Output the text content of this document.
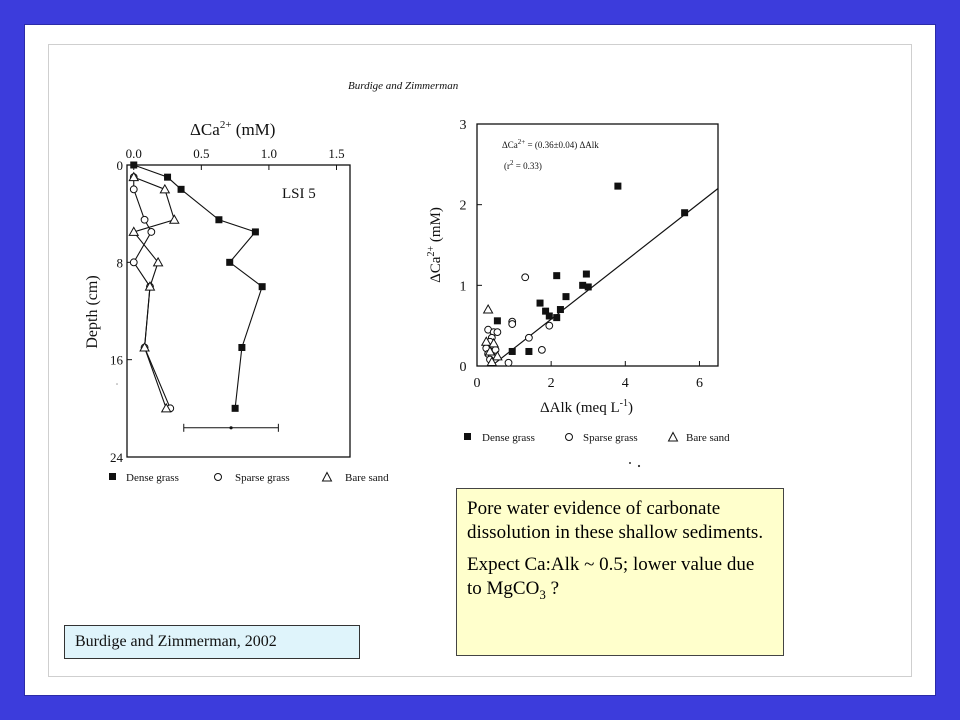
Burdige and Zimmerman
ΔCa$^{2+}$ (mM)
0.0	0.5	1.0	1.5
LSI 5
0
8
16
24
Depth (cm)
Dense grass	Sparse grass	Bare sand
0	2	4	6
0
1
2
3
ΔCa$^{2+}$ (mM)
ΔAlk (meq $L^{-1}$)
ΔCa$^{2+}$ = (0.36±0.04) ΔAlk
$(r^2 = 0.33)$
Dense grass	Sparse grass	Bare sand

Pore water evidence of carbonate dissolution in these shallow sediments.

Expect Ca:Alk ~ 0.5; lower value due to MgCO$_3$ ?

Burdige and Zimmerman, 2002
